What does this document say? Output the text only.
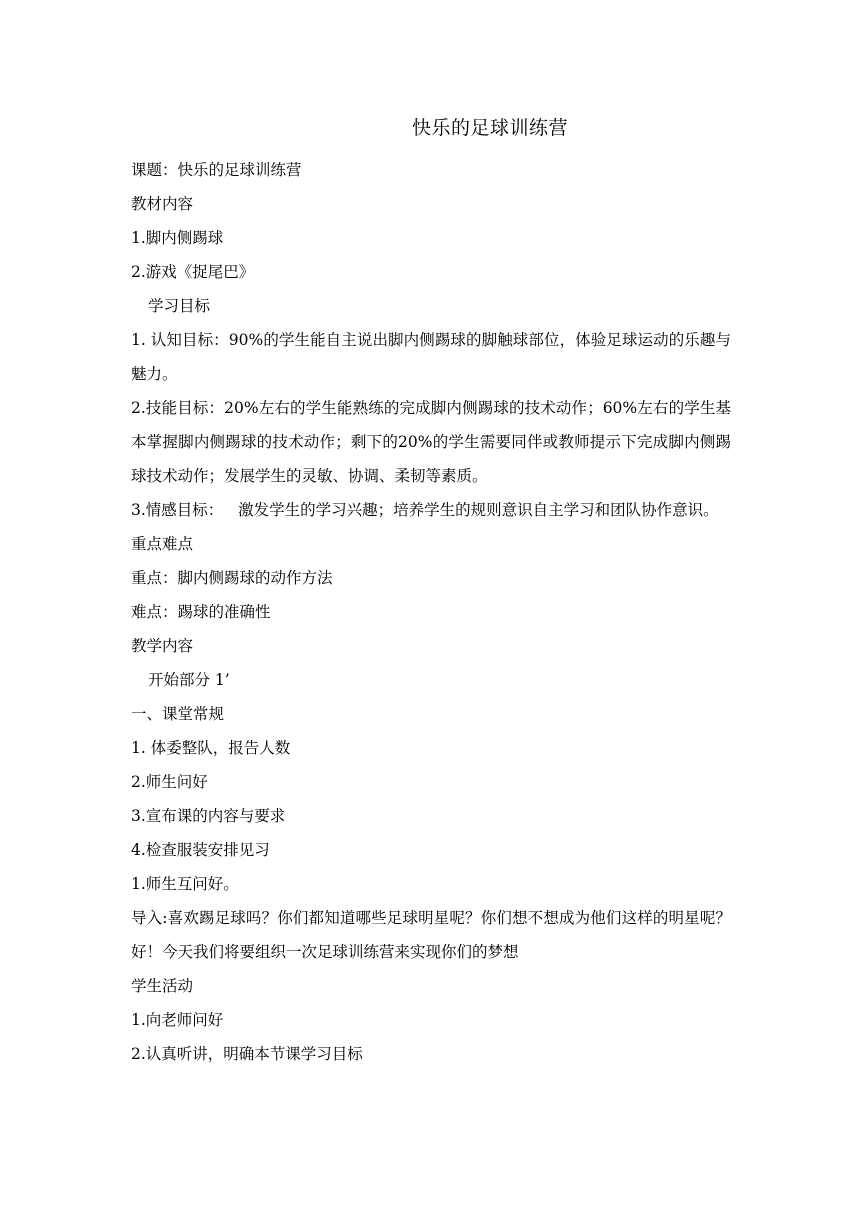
快乐的足球训练营

课题：快乐的足球训练营

教材内容

1.脚内侧踢球

2.游戏《捉尾巴》

学习目标

1. 认知目标：90%的学生能自主说出脚内侧踢球的脚触球部位，体验足球运动的乐趣与魅力。

2.技能目标：20%左右的学生能熟练的完成脚内侧踢球的技术动作；60%左右的学生基本掌握脚内侧踢球的技术动作；剩下的20%的学生需要同伴或教师提示下完成脚内侧踢球技术动作；发展学生的灵敏、协调、柔韧等素质。

3.情感目标：   激发学生的学习兴趣；培养学生的规则意识自主学习和团队协作意识。

重点难点

重点：脚内侧踢球的动作方法

难点：踢球的准确性

教学内容

开始部分 1’

一、课堂常规

1. 体委整队，报告人数

2.师生问好

3.宣布课的内容与要求

4.检查服装安排见习

1.师生互问好。

导入:喜欢踢足球吗？你们都知道哪些足球明星呢？你们想不想成为他们这样的明星呢？好！今天我们将要组织一次足球训练营来实现你们的梦想

学生活动

1.向老师问好

2.认真听讲，明确本节课学习目标
